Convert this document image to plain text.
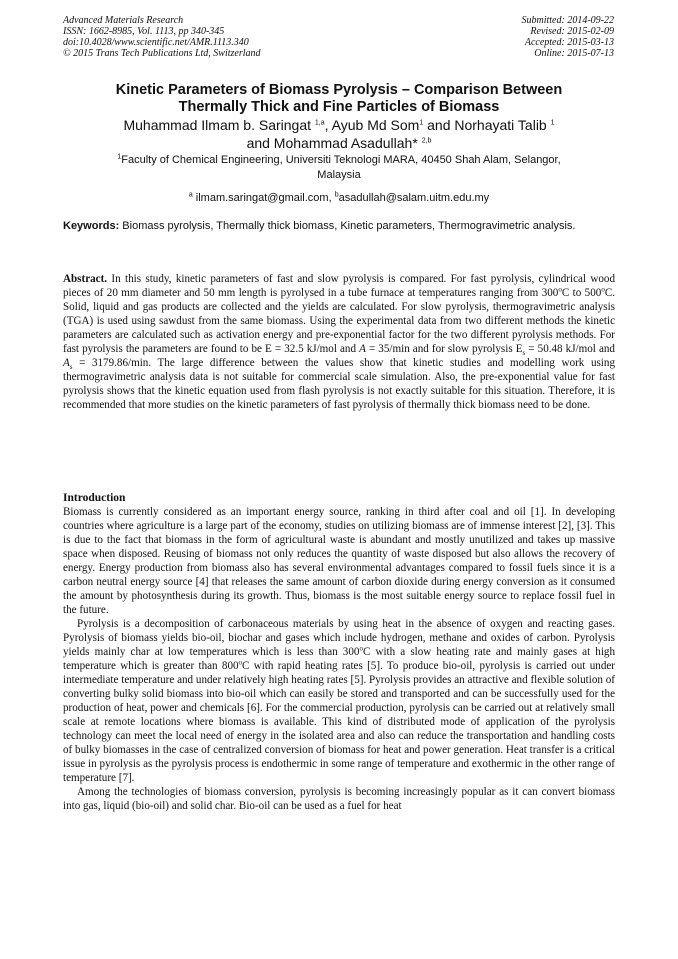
Advanced Materials Research
ISSN: 1662-8985, Vol. 1113, pp 340-345
doi:10.4028/www.scientific.net/AMR.1113.340
© 2015 Trans Tech Publications Ltd, Switzerland
Submitted: 2014-09-22
Revised: 2015-02-09
Accepted: 2015-03-13
Online: 2015-07-13
Kinetic Parameters of Biomass Pyrolysis – Comparison Between
Thermally Thick and Fine Particles of Biomass
Muhammad Ilmam b. Saringat $^{1,a}$, Ayub Md Som$^1$ and Norhayati Talib $^1$
and Mohammad Asadullah* $^{2,b}$
$^1$Faculty of Chemical Engineering, Universiti Teknologi MARA, 40450 Shah Alam, Selangor,
Malaysia
$^a$ ilmam.saringat@gmail.com, $^b$asadullah@salam.uitm.edu.my
Keywords: Biomass pyrolysis, Thermally thick biomass, Kinetic parameters, Thermogravimetric analysis.
Abstract. In this study, kinetic parameters of fast and slow pyrolysis is compared. For fast pyrolysis, cylindrical wood pieces of 20 mm diameter and 50 mm length is pyrolysed in a tube furnace at temperatures ranging from 300$^o$C to 500$^o$C. Solid, liquid and gas products are collected and the yields are calculated. For slow pyrolysis, thermogravimetric analysis (TGA) is used using sawdust from the same biomass. Using the experimental data from two different methods the kinetic parameters are calculated such as activation energy and pre-exponential factor for the two different pyrolysis methods. For fast pyrolysis the parameters are found to be E = 32.5 kJ/mol and A = 35/min and for slow pyrolysis $E_s = 50.48$ kJ/mol and $A_s = 3179.86/\min$. The large difference between the values show that kinetic studies and modelling work using thermogravimetric analysis data is not suitable for commercial scale simulation. Also, the pre-exponential value for fast pyrolysis shows that the kinetic equation used from flash pyrolysis is not exactly suitable for this situation. Therefore, it is recommended that more studies on the kinetic parameters of fast pyrolysis of thermally thick biomass need to be done.
Introduction

Biomass is currently considered as an important energy source, ranking in third after coal and oil [1]. In developing countries where agriculture is a large part of the economy, studies on utilizing biomass are of immense interest [2], [3]. This is due to the fact that biomass in the form of agricultural waste is abundant and mostly unutilized and takes up massive space when disposed. Reusing of biomass not only reduces the quantity of waste disposed but also allows the recovery of energy. Energy production from biomass also has several environmental advantages compared to fossil fuels since it is a carbon neutral energy source [4] that releases the same amount of carbon dioxide during energy conversion as it consumed the amount by photosynthesis during its growth. Thus, biomass is the most suitable energy source to replace fossil fuel in the future.

Pyrolysis is a decomposition of carbonaceous materials by using heat in the absence of oxygen and reacting gases. Pyrolysis of biomass yields bio-oil, biochar and gases which include hydrogen, methane and oxides of carbon. Pyrolysis yields mainly char at low temperatures which is less than 300$^o$C with a slow heating rate and mainly gases at high temperature which is greater than 800$^o$C with rapid heating rates [5]. To produce bio-oil, pyrolysis is carried out under intermediate temperature and under relatively high heating rates [5]. Pyrolysis provides an attractive and flexible solution of converting bulky solid biomass into bio-oil which can easily be stored and transported and can be successfully used for the production of heat, power and chemicals [6]. For the commercial production, pyrolysis can be carried out at relatively small scale at remote locations where biomass is available. This kind of distributed mode of application of the pyrolysis technology can meet the local need of energy in the isolated area and also can reduce the transportation and handling costs of bulky biomasses in the case of centralized conversion of biomass for heat and power generation. Heat transfer is a critical issue in pyrolysis as the pyrolysis process is endothermic in some range of temperature and exothermic in the other range of temperature [7].

Among the technologies of biomass conversion, pyrolysis is becoming increasingly popular as it can convert biomass into gas, liquid (bio-oil) and solid char. Bio-oil can be used as a fuel for heat
